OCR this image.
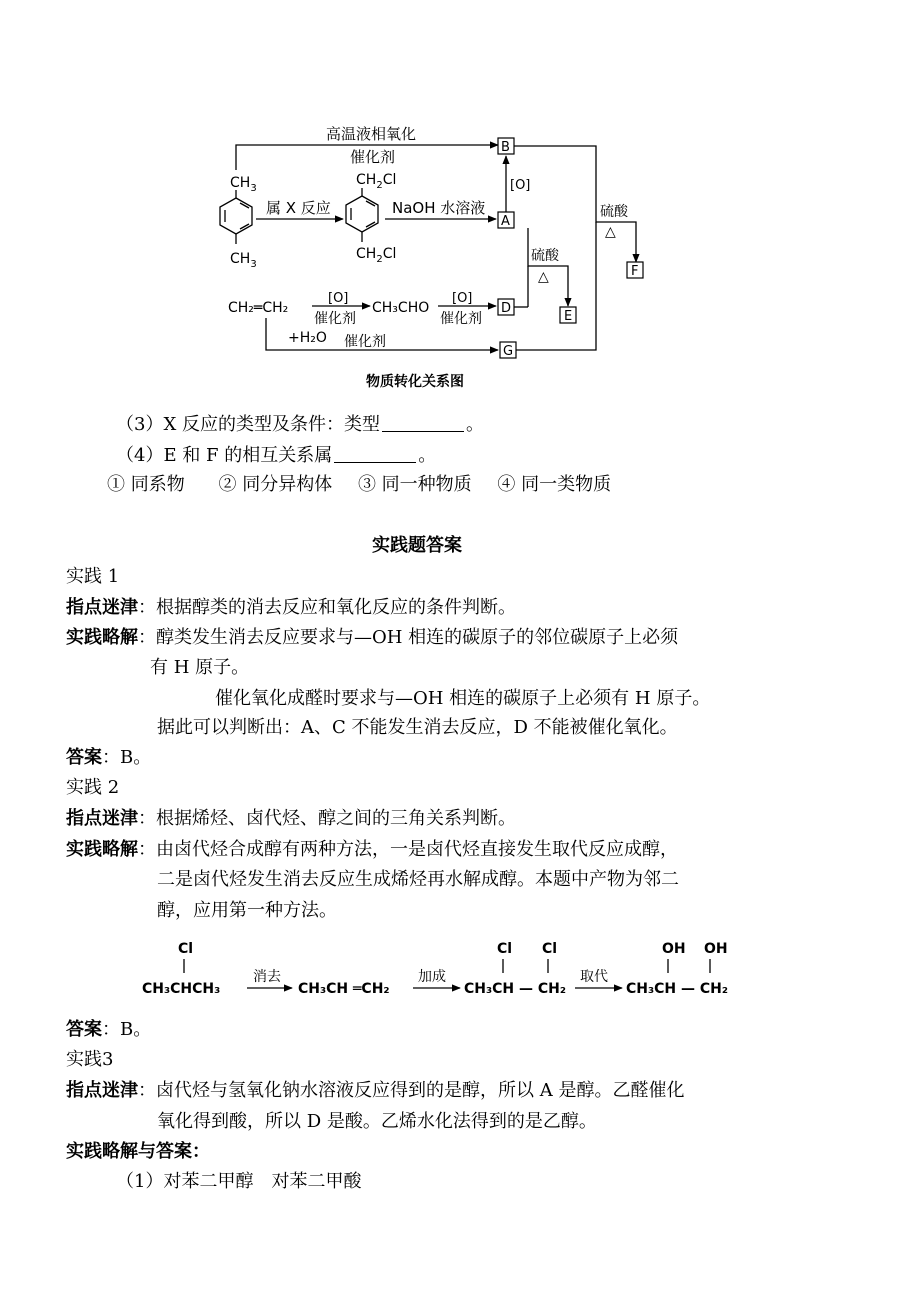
高温液相氧化
催化剂
$CH_3$
$CH_3$
属 X 反应
$CH_2Cl$
$CH_2Cl$
NaOH 水溶液
B
A
[O]
硫酸
△
F
硫酸
△
E
CH₂═CH₂
[O]
催化剂
CH₃CHO
[O]
催化剂
D
+H₂O 催化剂
G
物质转化关系图
（3）X 反应的类型及条件：类型	。
（4）E 和 F 的相互关系属	。
① 同系物 ② 同分异构体 ③ 同一种物质 ④ 同一类物质
实践题答案
实践 1
指点迷津：根据醇类的消去反应和氧化反应的条件判断。
实践略解：醇类发生消去反应要求与—OH 相连的碳原子的邻位碳原子上必须
有 H 原子。
催化氧化成醛时要求与—OH 相连的碳原子上必须有 H 原子。
据此可以判断出：A、C 不能发生消去反应，D 不能被催化氧化。
答案：B。
实践 2
指点迷津：根据烯烃、卤代烃、醇之间的三角关系判断。
实践略解：由卤代烃合成醇有两种方法，一是卤代烃直接发生取代反应成醇，
二是卤代烃发生消去反应生成烯烃再水解成醇。本题中产物为邻二
醇，应用第一种方法。
Cl
CH₃CHCH₃
消去
CH₃CH ═CH₂
加成
Cl Cl
CH₃CH — CH₂
取代
OH OH
CH₃CH — CH₂
答案：B。
实践3
指点迷津：卤代烃与氢氧化钠水溶液反应得到的是醇，所以 A 是醇。乙醛催化
氧化得到酸，所以 D 是酸。乙烯水化法得到的是乙醇。
实践略解与答案：
（1）对苯二甲醇　对苯二甲酸
